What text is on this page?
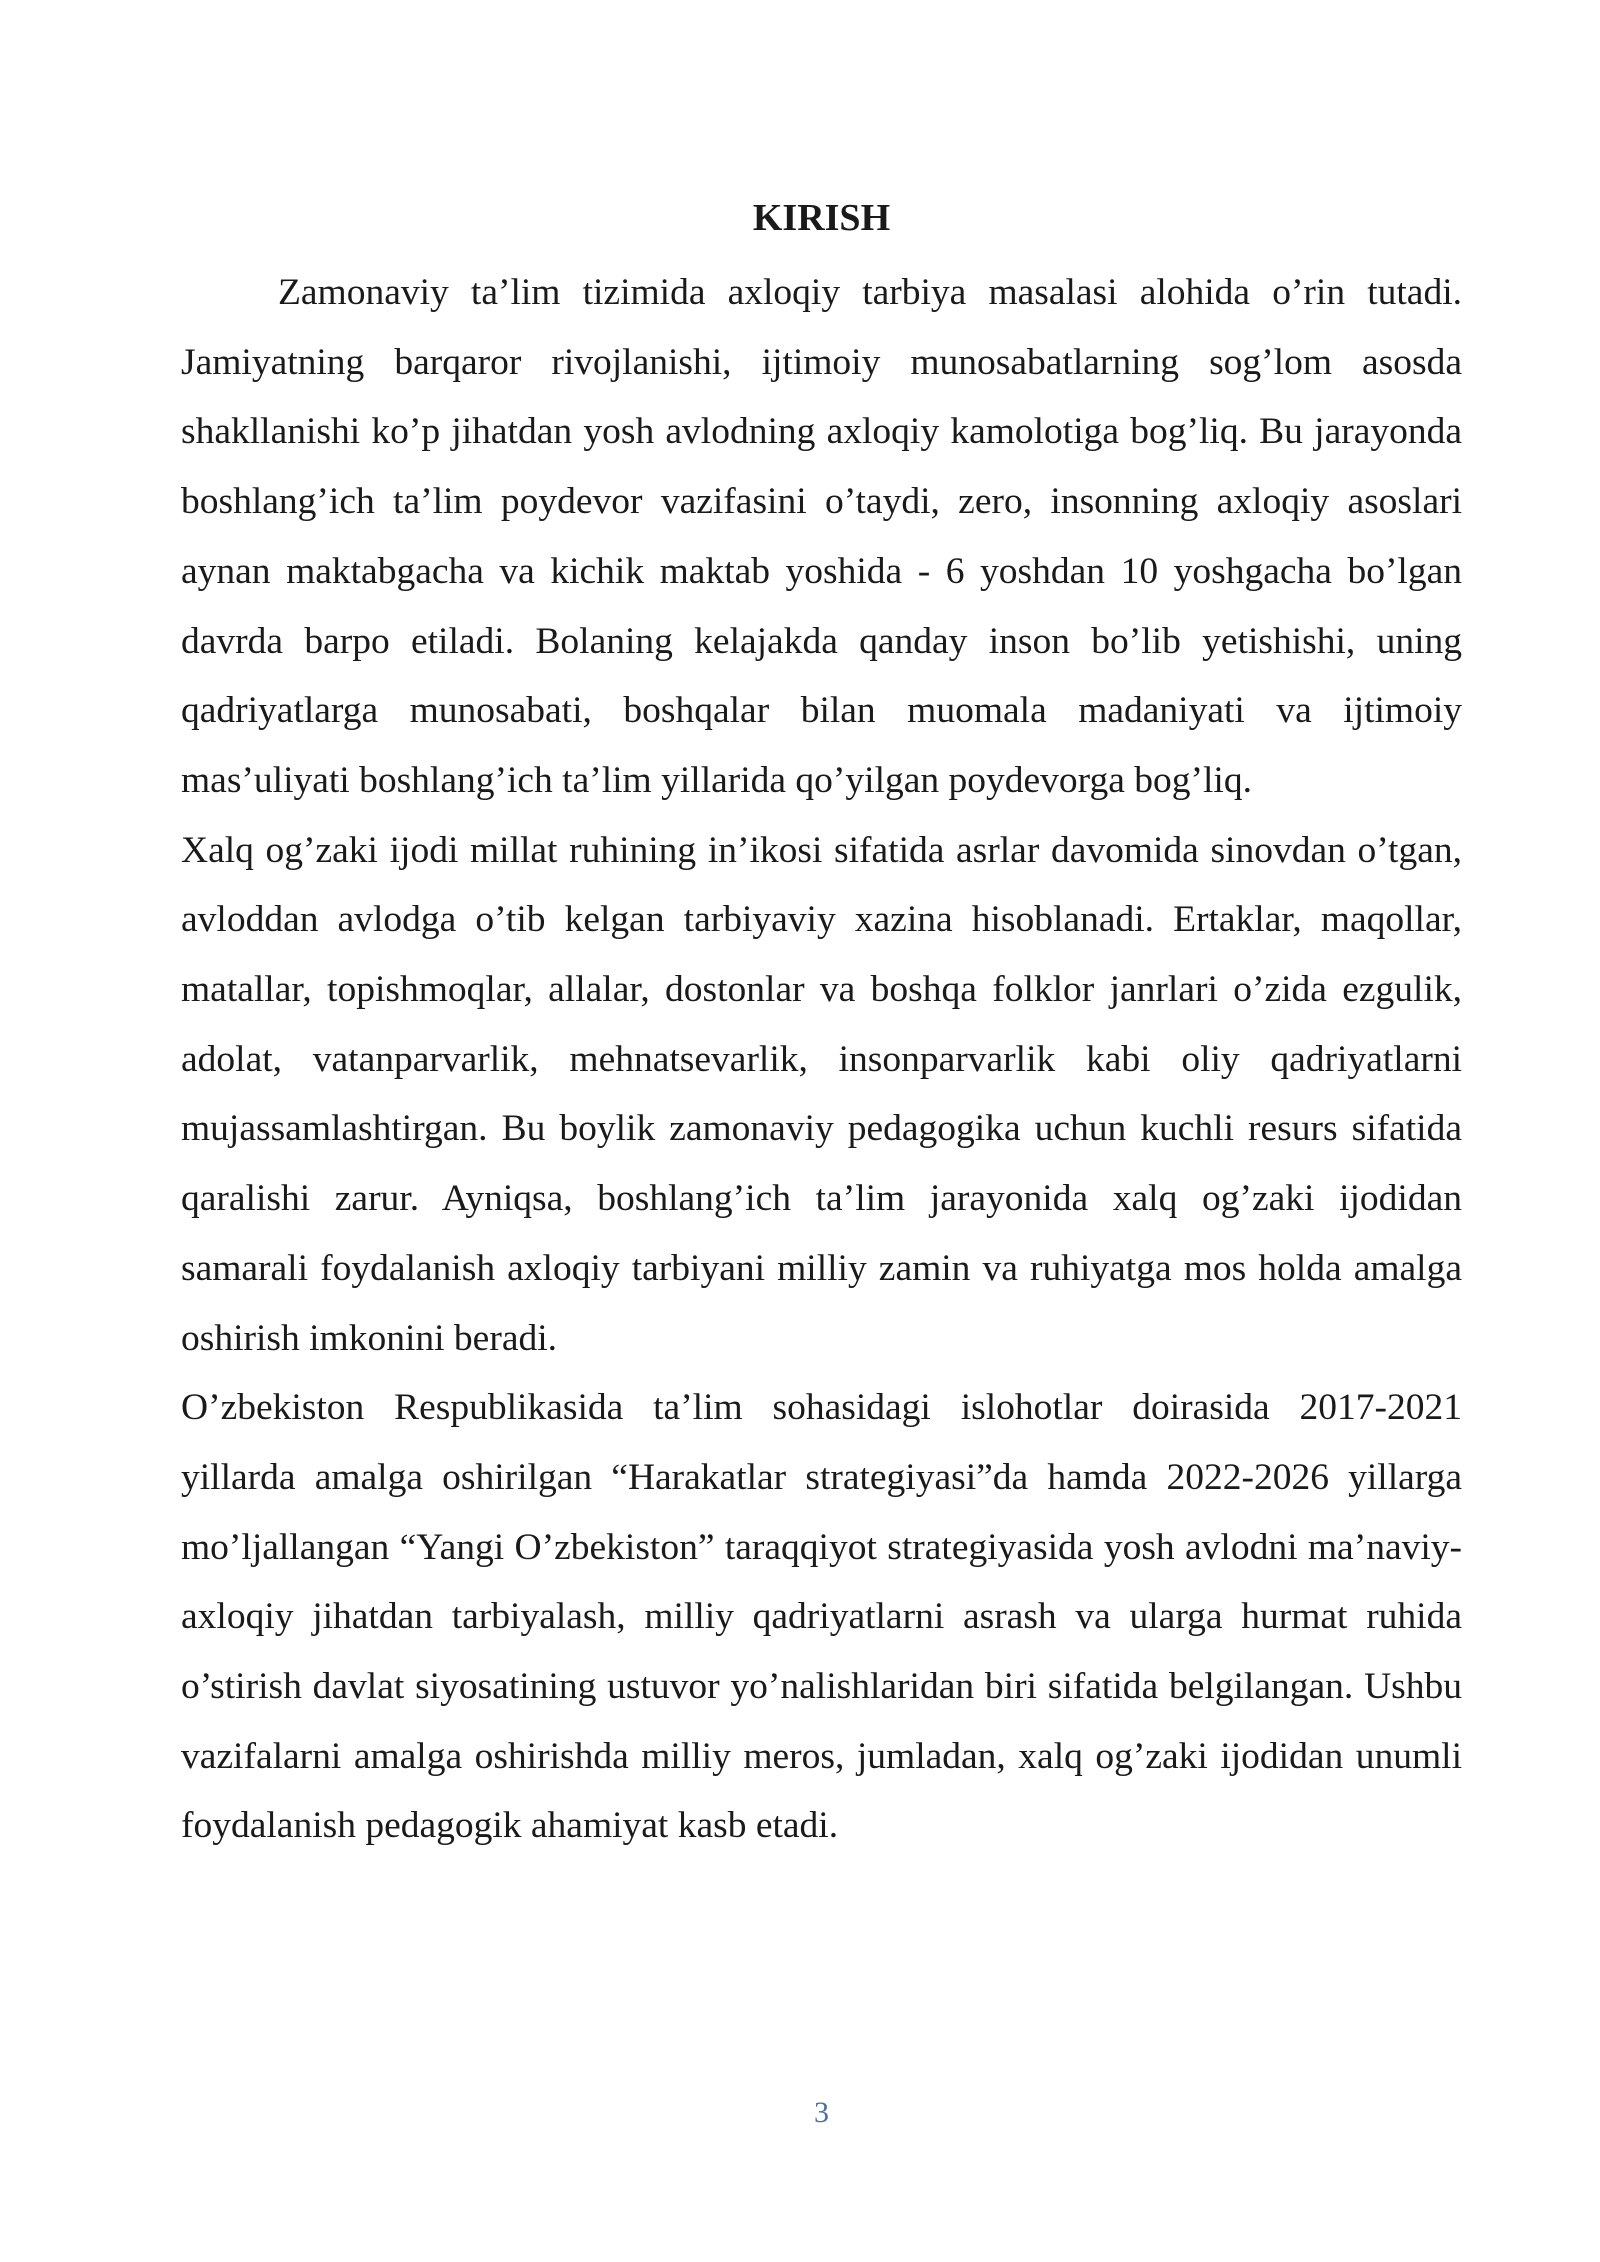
KIRISH

Zamonaviy ta’lim tizimida axloqiy tarbiya masalasi alohida o’rin tutadi. Jamiyatning barqaror rivojlanishi, ijtimoiy munosabatlarning sog’lom asosda shakllanishi ko’p jihatdan yosh avlodning axloqiy kamolotiga bog’liq. Bu jarayonda boshlang’ich ta’lim poydevor vazifasini o’taydi, zero, insonning axloqiy asoslari aynan maktabgacha va kichik maktab yoshida - 6 yoshdan 10 yoshgacha bo’lgan davrda barpo etiladi. Bolaning kelajakda qanday inson bo’lib yetishishi, uning qadriyatlarga munosabati, boshqalar bilan muomala madaniyati va ijtimoiy mas’uliyati boshlang’ich ta’lim yillarida qo’yilgan poydevorga bog’liq.

Xalq og’zaki ijodi millat ruhining in’ikosi sifatida asrlar davomida sinovdan o’tgan, avloddan avlodga o’tib kelgan tarbiyaviy xazina hisoblanadi. Ertaklar, maqollar, matallar, topishmoqlar, allalar, dostonlar va boshqa folklor janrlari o’zida ezgulik, adolat, vatanparvarlik, mehnatsevarlik, insonparvarlik kabi oliy qadriyatlarni mujassamlashtirgan. Bu boylik zamonaviy pedagogika uchun kuchli resurs sifatida qaralishi zarur. Ayniqsa, boshlang’ich ta’lim jarayonida xalq og’zaki ijodidan samarali foydalanish axloqiy tarbiyani milliy zamin va ruhiyatga mos holda amalga oshirish imkonini beradi.

O’zbekiston Respublikasida ta’lim sohasidagi islohotlar doirasida 2017-2021 yillarda amalga oshirilgan “Harakatlar strategiyasi”da hamda 2022-2026 yillarga mo’ljallangan “Yangi O’zbekiston” taraqqiyot strategiyasida yosh avlodni ma’naviy-axloqiy jihatdan tarbiyalash, milliy qadriyatlarni asrash va ularga hurmat ruhida o’stirish davlat siyosatining ustuvor yo’nalishlaridan biri sifatida belgilangan. Ushbu vazifalarni amalga oshirishda milliy meros, jumladan, xalq og’zaki ijodidan unumli foydalanish pedagogik ahamiyat kasb etadi.

3
